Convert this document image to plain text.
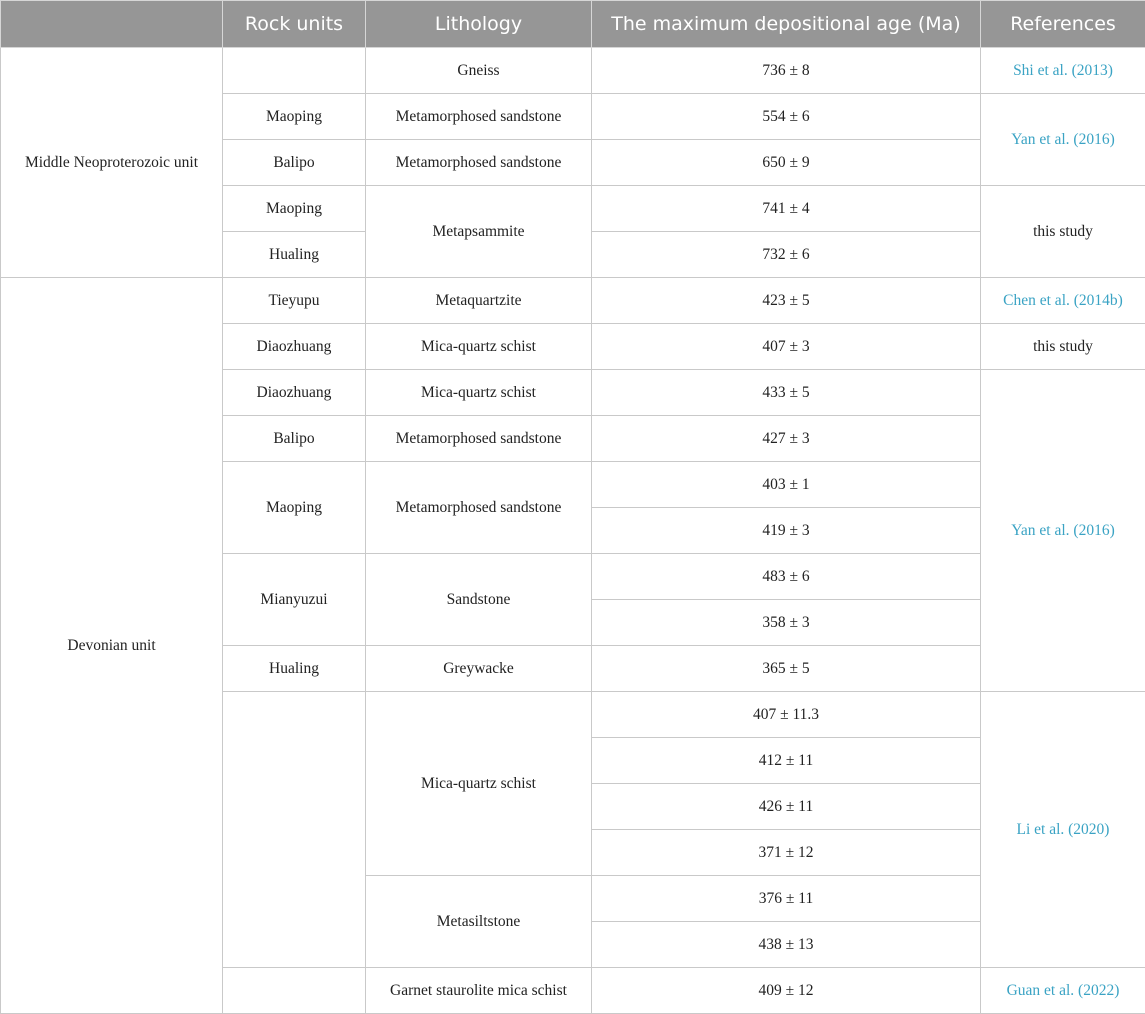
	Rock units	Lithology	The maximum depositional age (Ma)	References
Middle Neoproterozoic unit		Gneiss	736 ± 8	Shi et al. (2013)
	Maoping	Metamorphosed sandstone	554 ± 6	Yan et al. (2016)
	Balipo	Metamorphosed sandstone	650 ± 9	
	Maoping	Metapsammite	741 ± 4	this study
	Hualing		732 ± 6	
Devonian unit	Tieyupu	Metaquartzite	423 ± 5	Chen et al. (2014b)
	Diaozhuang	Mica-quartz schist	407 ± 3	this study
	Diaozhuang	Mica-quartz schist	433 ± 5	Yan et al. (2016)
	Balipo	Metamorphosed sandstone	427 ± 3	
	Maoping	Metamorphosed sandstone	403 ± 1	
			419 ± 3	
	Mianyuzui	Sandstone	483 ± 6	
			358 ± 3	
	Hualing	Greywacke	365 ± 5	
		Mica-quartz schist	407 ± 11.3	Li et al. (2020)
			412 ± 11	
			426 ± 11	
			371 ± 12	
		Metasiltstone	376 ± 11	
			438 ± 13	
		Garnet staurolite mica schist	409 ± 12	Guan et al. (2022)
